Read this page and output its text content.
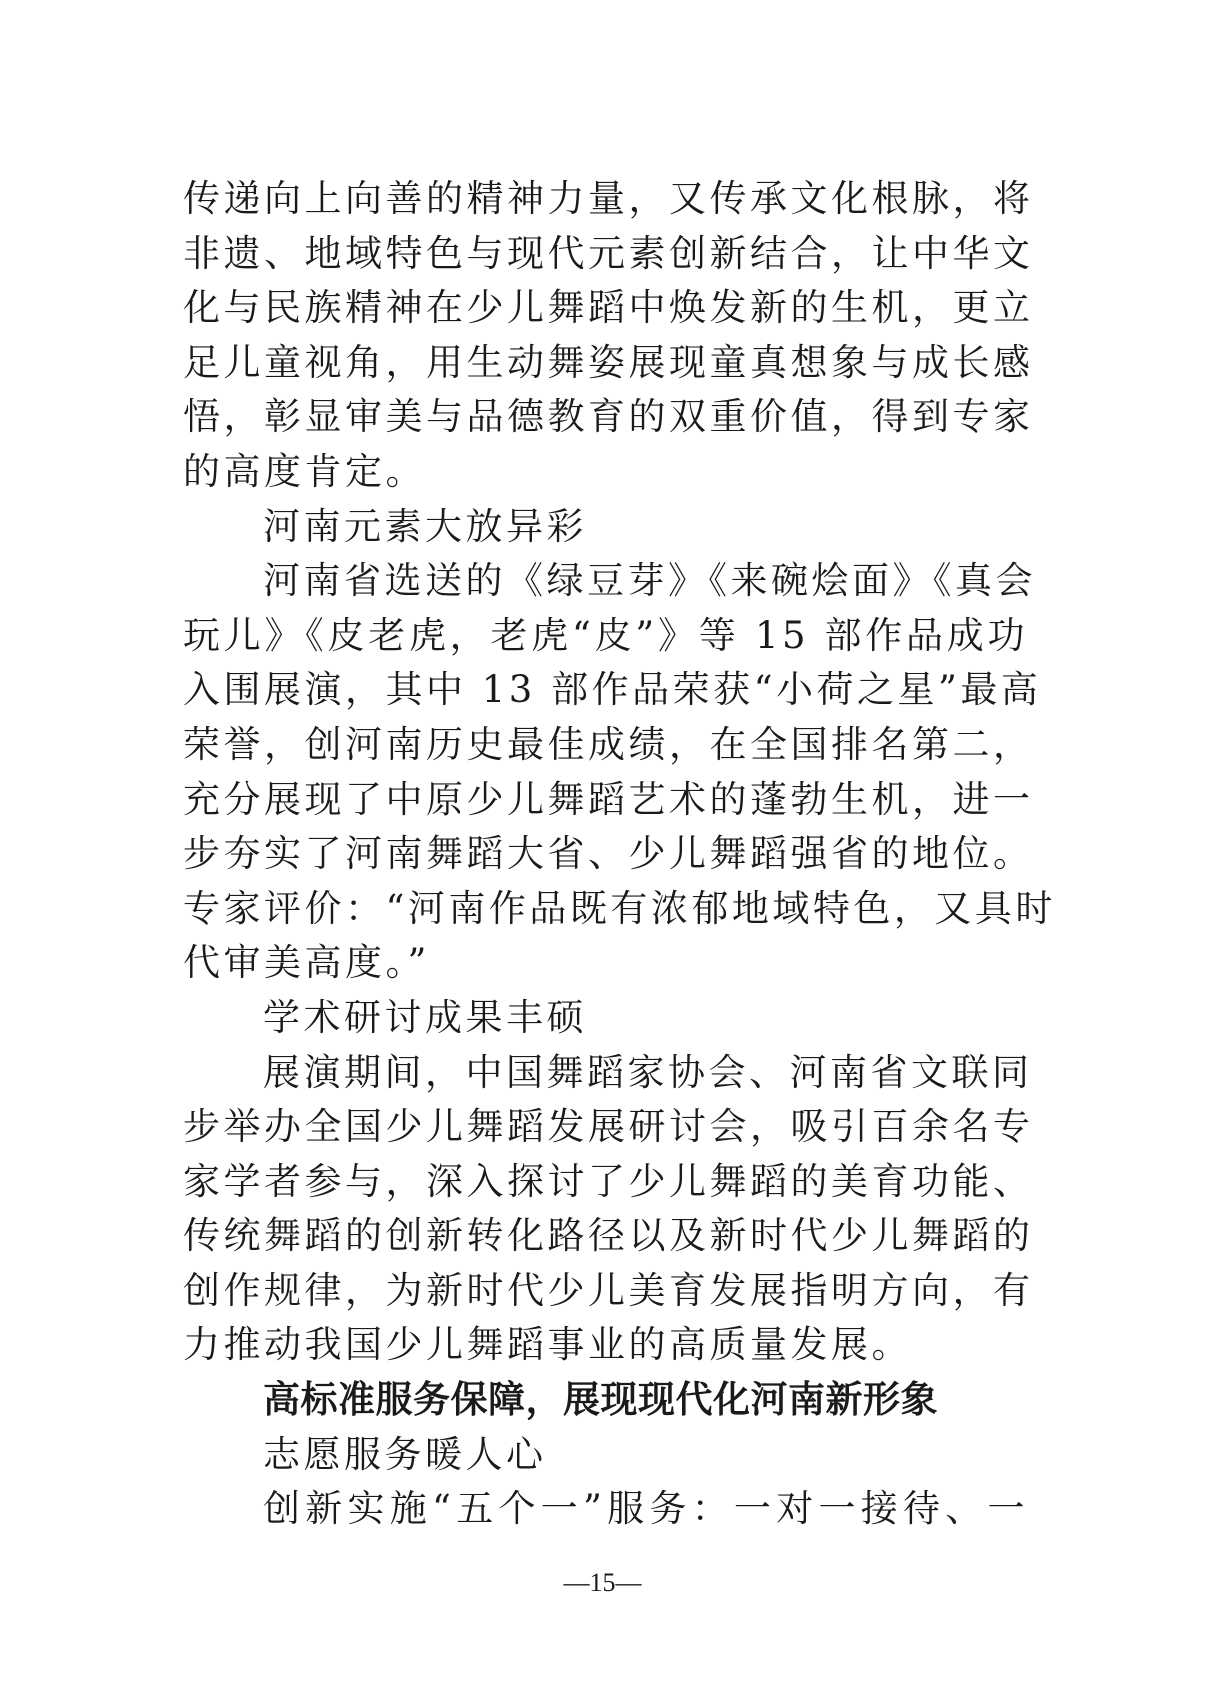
传递向上向善的精神力量，又传承文化根脉，将
非遗、地域特色与现代元素创新结合，让中华文
化与民族精神在少儿舞蹈中焕发新的生机，更立
足儿童视角，用生动舞姿展现童真想象与成长感
悟，彰显审美与品德教育的双重价值，得到专家
的高度肯定。
河南元素大放异彩
河南省选送的《绿豆芽》《来碗烩面》《真会
玩儿》《皮老虎，老虎“皮”》等 15 部作品成功
入围展演，其中 13 部作品荣获“小荷之星”最高
荣誉，创河南历史最佳成绩，在全国排名第二，
充分展现了中原少儿舞蹈艺术的蓬勃生机，进一
步夯实了河南舞蹈大省、少儿舞蹈强省的地位。
专家评价：“河南作品既有浓郁地域特色，又具时
代审美高度。”
学术研讨成果丰硕
展演期间，中国舞蹈家协会、河南省文联同
步举办全国少儿舞蹈发展研讨会，吸引百余名专
家学者参与，深入探讨了少儿舞蹈的美育功能、
传统舞蹈的创新转化路径以及新时代少儿舞蹈的
创作规律，为新时代少儿美育发展指明方向，有
力推动我国少儿舞蹈事业的高质量发展。
高标准服务保障，展现现代化河南新形象
志愿服务暖人心
创新实施“五个一”服务：一对一接待、一
—15—
